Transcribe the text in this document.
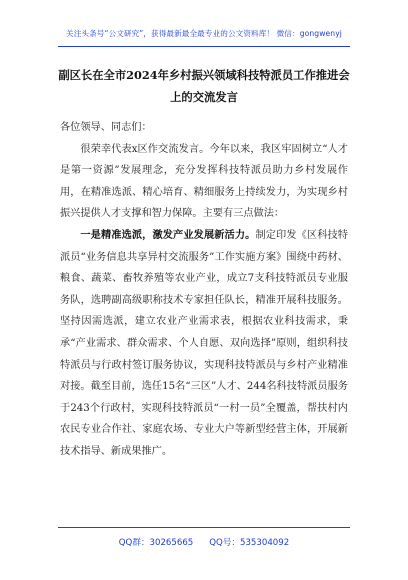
关注头条号“公文研究”，获得最新最全最专业的公文资料库！ 微信：gongwenyj
副区长在全市2024年乡村振兴领域科技特派员工作推进会
上的交流发言

各位领导、同志们：

很荣幸代表x区作交流发言。今年以来，我区牢固树立“人才是第一资源”发展理念，充分发挥科技特派员助力乡村发展作用，在精准选派、精心培育、精细服务上持续发力，为实现乡村振兴提供人才支撑和智力保障。主要有三点做法：

一是精准选派，激发产业发展新活力。制定印发《区科技特派员“业务信息共享异村交流服务”工作实施方案》围绕中药材、粮食、蔬菜、畜牧养殖等农业产业，成立7支科技特派员专业服务队，选聘副高级职称技术专家担任队长，精准开展科技服务。坚持因需选派，建立农业产业需求表，根据农业科技需求，秉承“产业需求、群众需求、个人自愿、双向选择”原则，组织科技特派员与行政村签订服务协议，实现科技特派员与乡村产业精准对接。截至目前，选任15名“三区”人才、244名科技特派员服务于243个行政村，实现科技特派员“一村一员”全覆盖，帮扶村内农民专业合作社、家庭农场、专业大户等新型经营主体，开展新技术指导、新成果推广。

QQ群：30265665 QQ号：535304092
